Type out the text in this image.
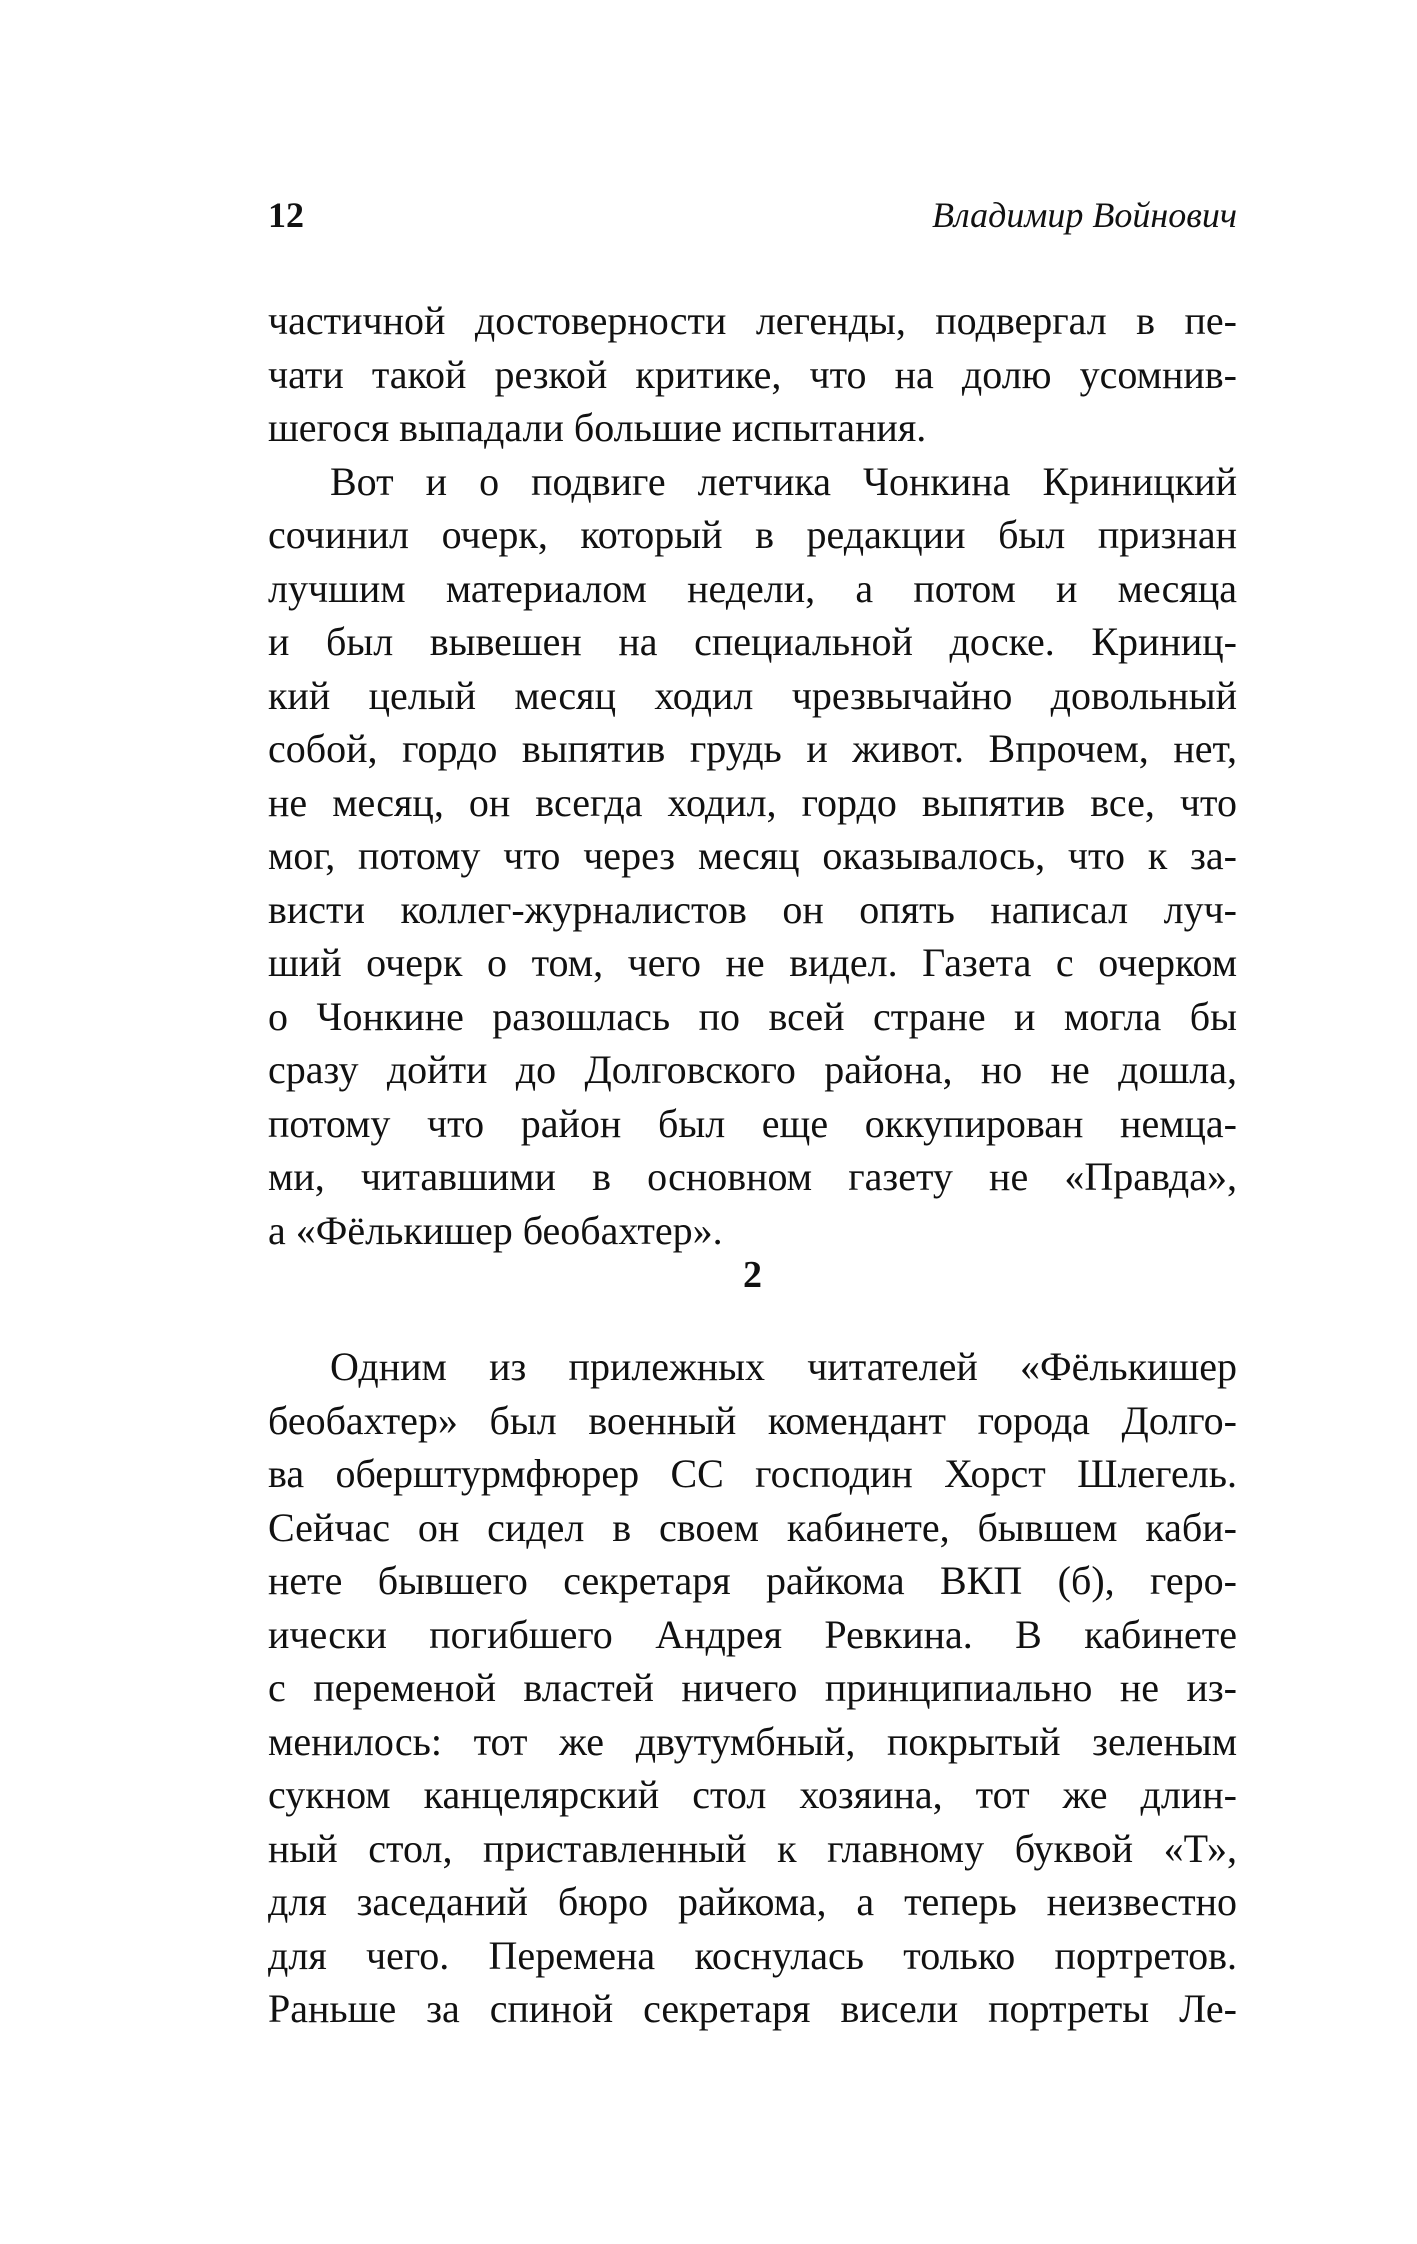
12	Владимир Войнович

частичной достоверности легенды, подвергал в пе-
чати такой резкой критике, что на долю усомнив-
шегося выпадали большие испытания.

Вот и о подвиге летчика Чонкина Криницкий
сочинил очерк, который в редакции был признан
лучшим материалом недели, а потом и месяца
и был вывешен на специальной доске. Криниц-
кий целый месяц ходил чрезвычайно довольный
собой, гордо выпятив грудь и живот. Впрочем, нет,
не месяц, он всегда ходил, гордо выпятив все, что
мог, потому что через месяц оказывалось, что к за-
висти коллег-журналистов он опять написал луч-
ший очерк о том, чего не видел. Газета с очерком
о Чонкине разошлась по всей стране и могла бы
сразу дойти до Долговского района, но не дошла,
потому что район был еще оккупирован немца-
ми, читавшими в основном газету не «Правда»,
а «Фёлькишер беобахтер».

2

Одним из прилежных читателей «Фёлькишер
беобахтер» был военный комендант города Долго-
ва оберштурмфюрер СС господин Хорст Шлегель.
Сейчас он сидел в своем кабинете, бывшем каби-
нете бывшего секретаря райкома ВКП (б), геро-
ически погибшего Андрея Ревкина. В кабинете
с переменой властей ничего принципиально не из-
менилось: тот же двутумбный, покрытый зеленым
сукном канцелярский стол хозяина, тот же длин-
ный стол, приставленный к главному буквой «Т»,
для заседаний бюро райкома, а теперь неизвестно
для чего. Перемена коснулась только портретов.
Раньше за спиной секретаря висели портреты Ле-
